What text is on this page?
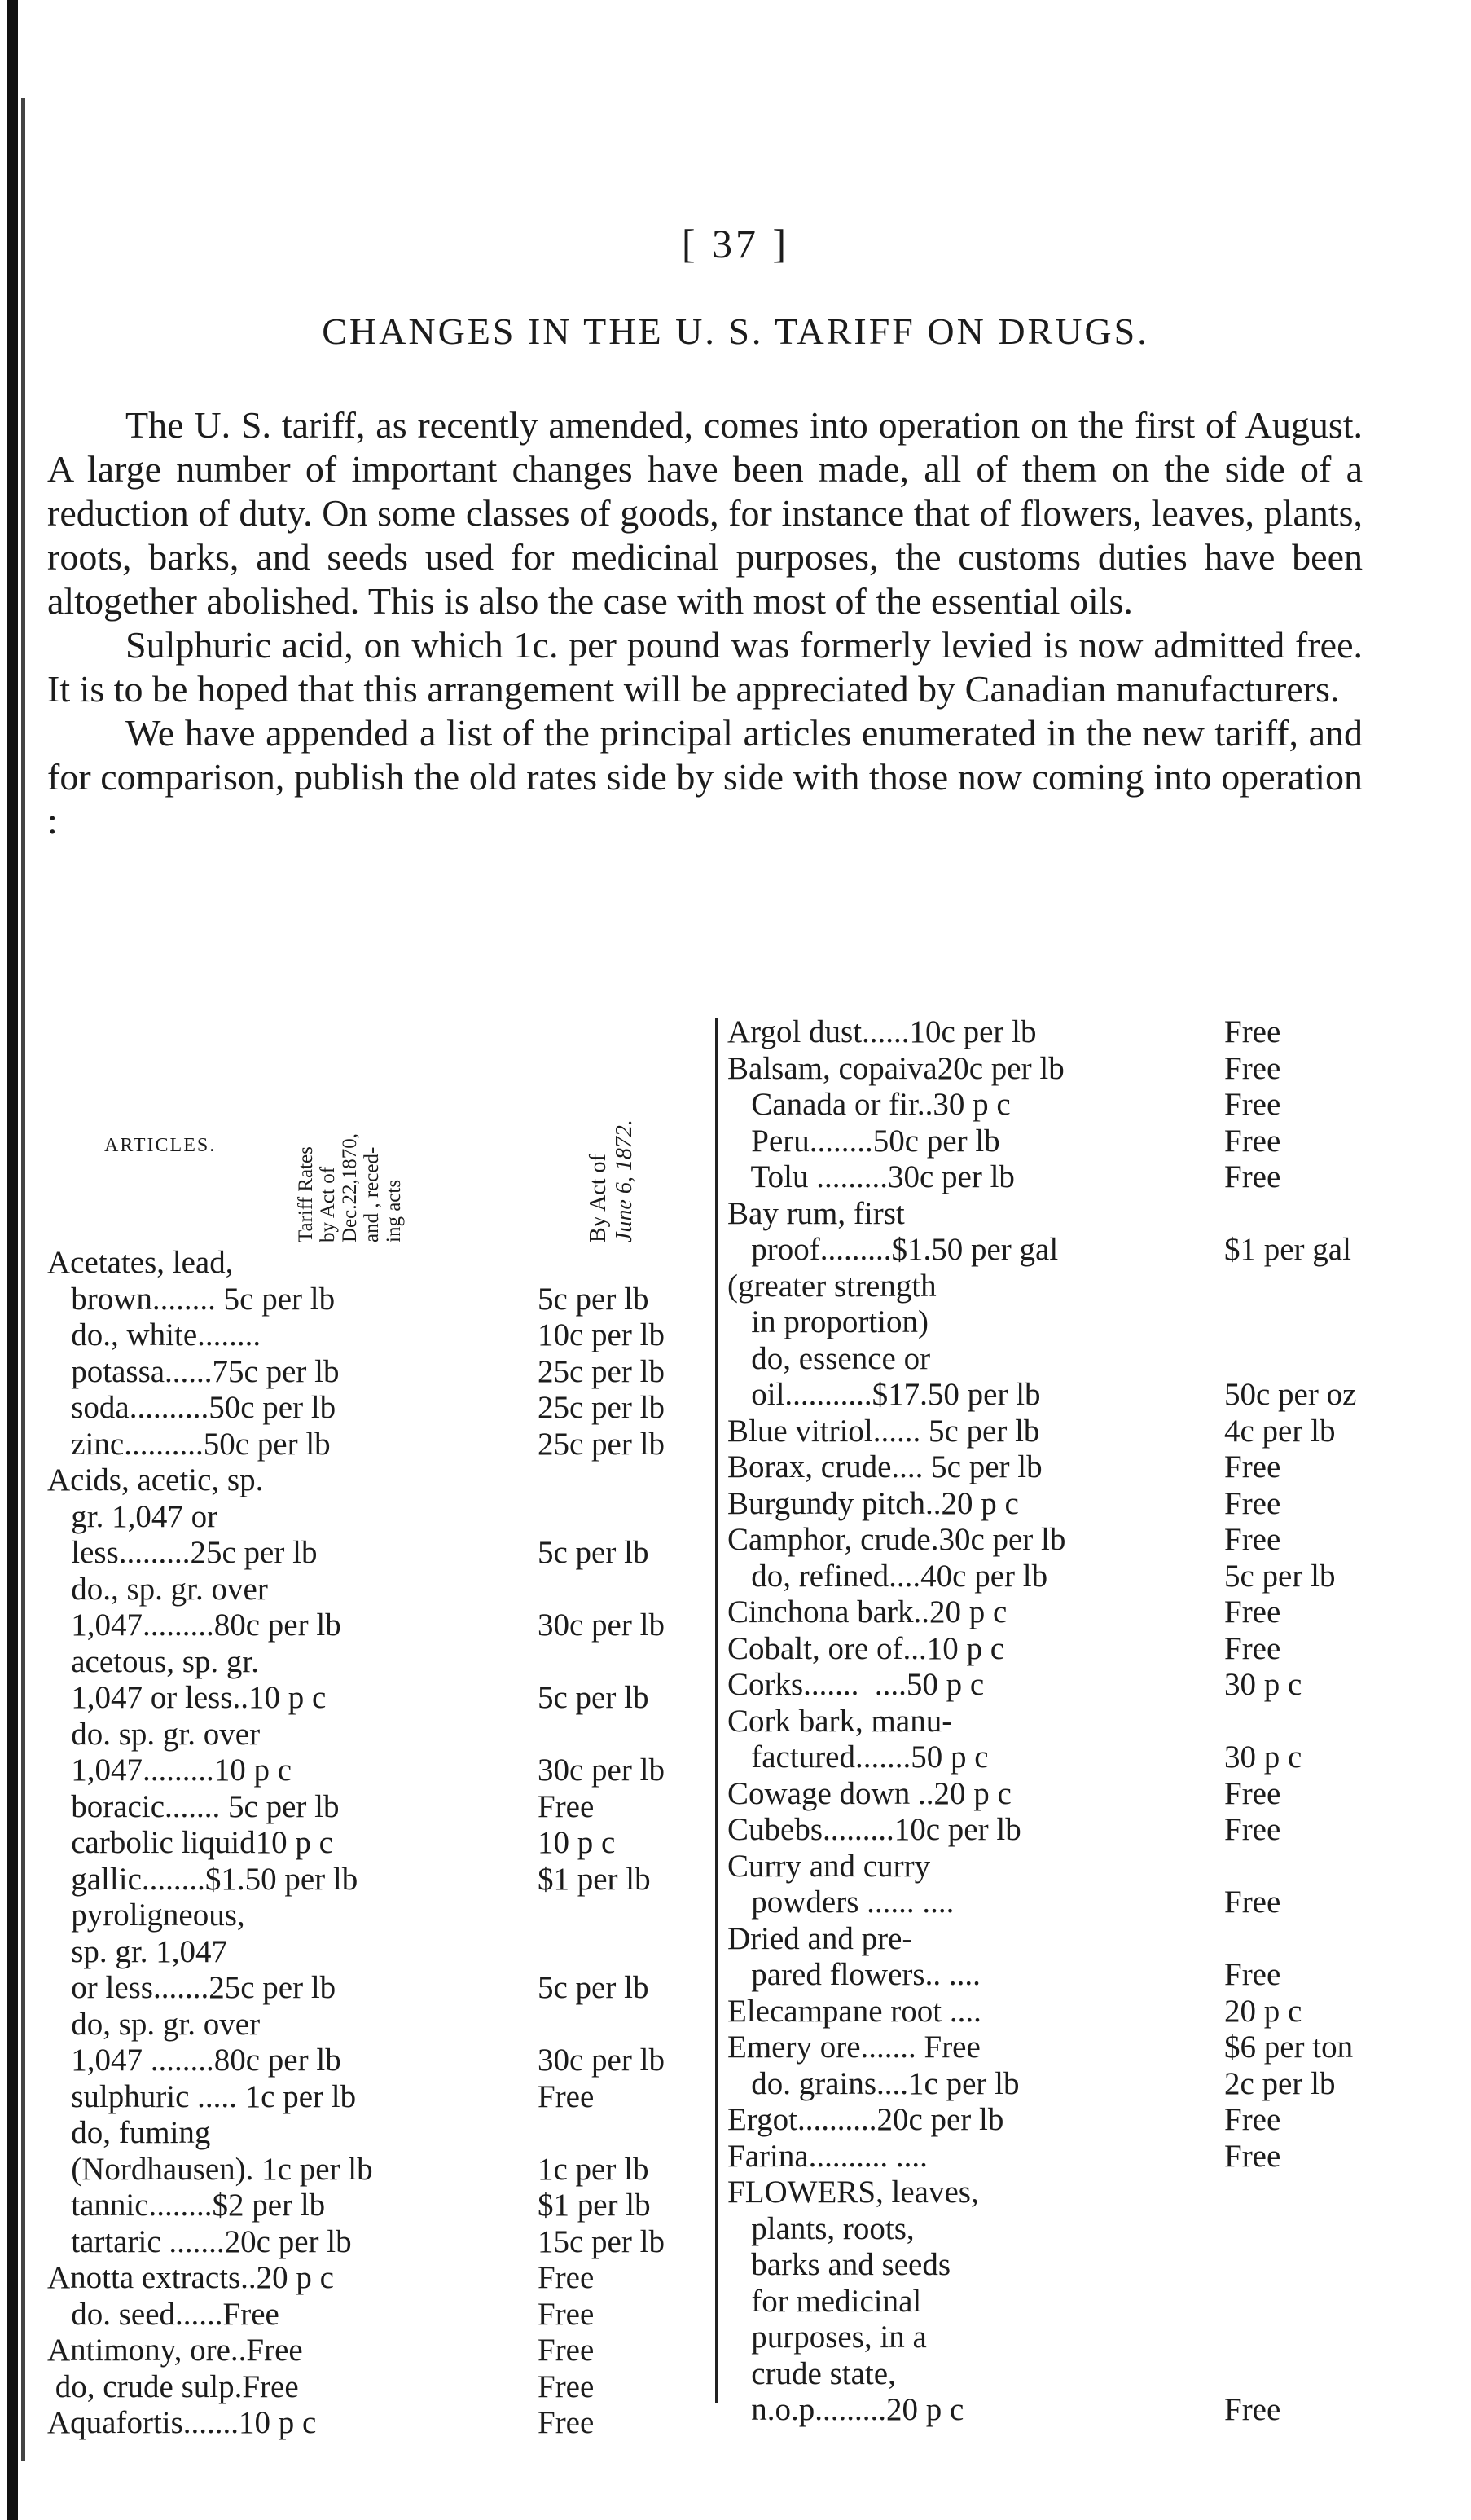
[ 37 ]
CHANGES IN THE U. S. TARIFF ON DRUGS.

The U. S. tariff, as recently amended, comes into operation on the first of August. A large number of important changes have been made, all of them on the side of a reduction of duty. On some classes of goods, for instance that of flowers, leaves, plants, roots, barks, and seeds used for medicinal purposes, the customs duties have been altogether abolished. This is also the case with most of the essential oils.

Sulphuric acid, on which 1c. per pound was formerly levied is now admitted free. It is to be hoped that this arrangement will be appreciated by Canadian manufacturers.

We have appended a list of the principal articles enumerated in the new tariff, and for comparison, publish the old rates side by side with those now coming into operation :

ARTICLES.
Tariff Rates by Act of Dec.22,1870, and , reced- ing acts	By Act of June 6, 1872.
Acetates, lead,
brown........ 5c per lb	5c per lb
do., white........	10c per lb
potassa......75c per lb	25c per lb
soda..........50c per lb	25c per lb
zinc..........50c per lb	25c per lb
Acids, acetic, sp.
gr. 1,047 or
less.........25c per lb	5c per lb
do., sp. gr. over
1,047.........80c per lb	30c per lb
acetous, sp. gr.
1,047 or less..10 p c	5c per lb
do. sp. gr. over
1,047.........10 p c	30c per lb
boracic....... 5c per lb	Free
carbolic liquid10 p c	10 p c
gallic........$1.50 per lb	$1 per lb
pyroligneous,
sp. gr. 1,047
or less.......25c per lb	5c per lb
do, sp. gr. over
1,047 ........80c per lb	30c per lb
sulphuric ..... 1c per lb	Free
do, fuming
(Nordhausen). 1c per lb	1c per lb
tannic........$2 per lb	$1 per lb
tartaric .......20c per lb	15c per lb
Anotta extracts..20 p c	Free
do. seed......Free	Free
Antimony, ore..Free	Free
do, crude sulp.Free	Free
Aquafortis.......10 p c	Free
Argol dust......10c per lb	Free
Balsam, copaiva20c per lb	Free
Canada or fir..30 p c	Free
Peru........50c per lb	Free
Tolu .........30c per lb	Free
Bay rum, first
proof.........$1.50 per gal	$1 per gal
(greater strength
in proportion)
do, essence or
oil...........$17.50 per lb	50c per oz
Blue vitriol...... 5c per lb	4c per lb
Borax, crude.... 5c per lb	Free
Burgundy pitch..20 p c	Free
Camphor, crude.30c per lb	Free
do, refined....40c per lb	5c per lb
Cinchona bark..20 p c	Free
Cobalt, ore of...10 p c	Free
Corks.......  ....50 p c	30 p c
Cork bark, manu-
factured.......50 p c	30 p c
Cowage down ..20 p c	Free
Cubebs.........10c per lb	Free
Curry and curry
powders ...... ....	Free
Dried and pre-
pared flowers.. ....	Free
Elecampane root ....	20 p c
Emery ore....... Free	$6 per ton
do. grains....1c per lb	2c per lb
Ergot..........20c per lb	Free
Farina.......... ....	Free
FLOWERS, leaves,
plants, roots,
barks and seeds
for medicinal
purposes, in a
crude state,
n.o.p.........20 p c	Free
